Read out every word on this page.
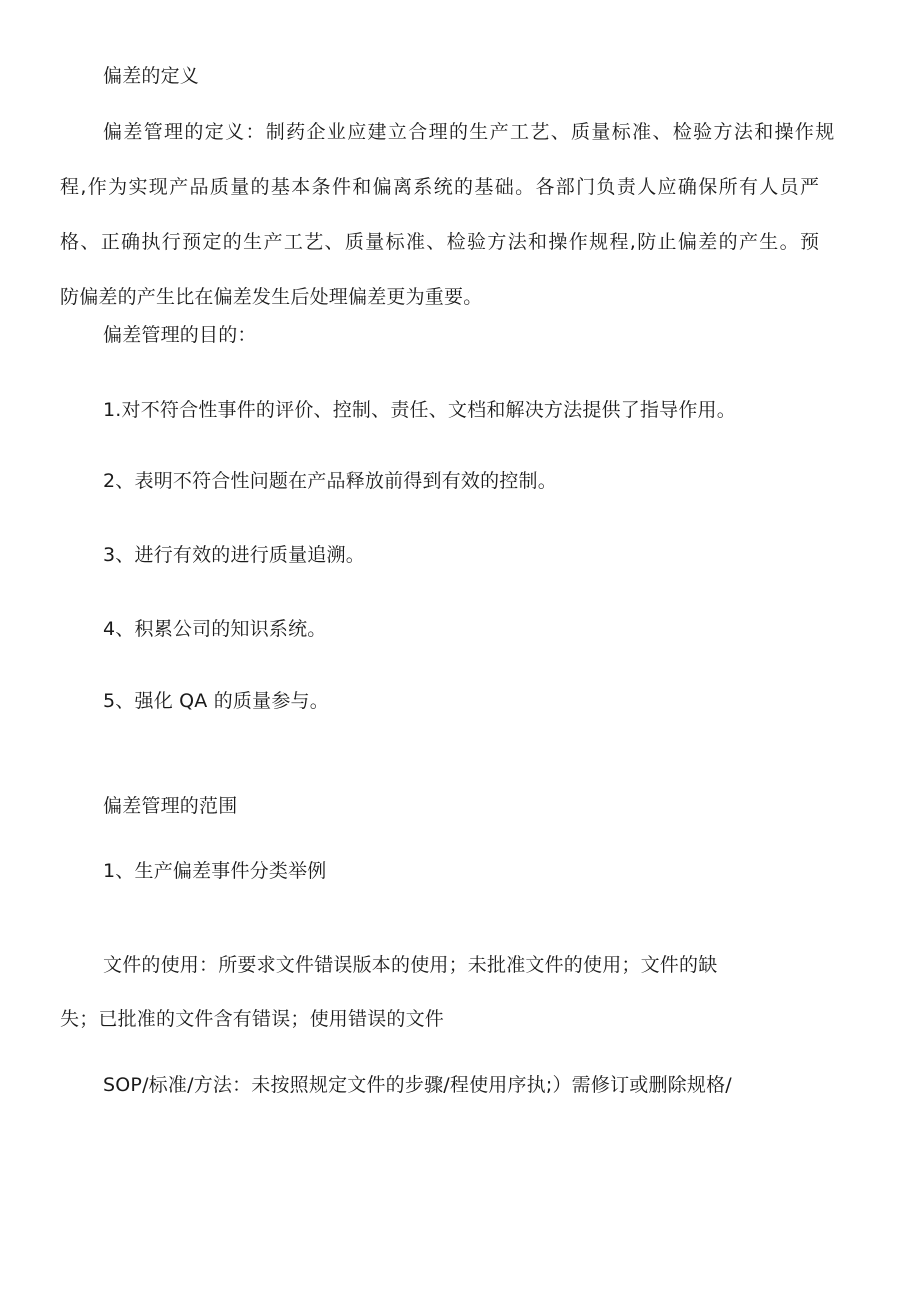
偏差的定义
偏差管理的定义：制药企业应建立合理的生产工艺、质量标准、检验方法和操作规
程,作为实现产品质量的基本条件和偏离系统的基础。各部门负责人应确保所有人员严
格、正确执行预定的生产工艺、质量标准、检验方法和操作规程,防止偏差的产生。预
防偏差的产生比在偏差发生后处理偏差更为重要。
偏差管理的目的：
1.对不符合性事件的评价、控制、责任、文档和解决方法提供了指导作用。
2、表明不符合性问题在产品释放前得到有效的控制。
3、进行有效的进行质量追溯。
4、积累公司的知识系统。
5、强化 QA 的质量参与。
偏差管理的范围
1、生产偏差事件分类举例
文件的使用：所要求文件错误版本的使用；未批准文件的使用；文件的缺
失；已批准的文件含有错误；使用错误的文件
SOP/标准/方法：未按照规定文件的步骤/程使用序执;）需修订或删除规格/
